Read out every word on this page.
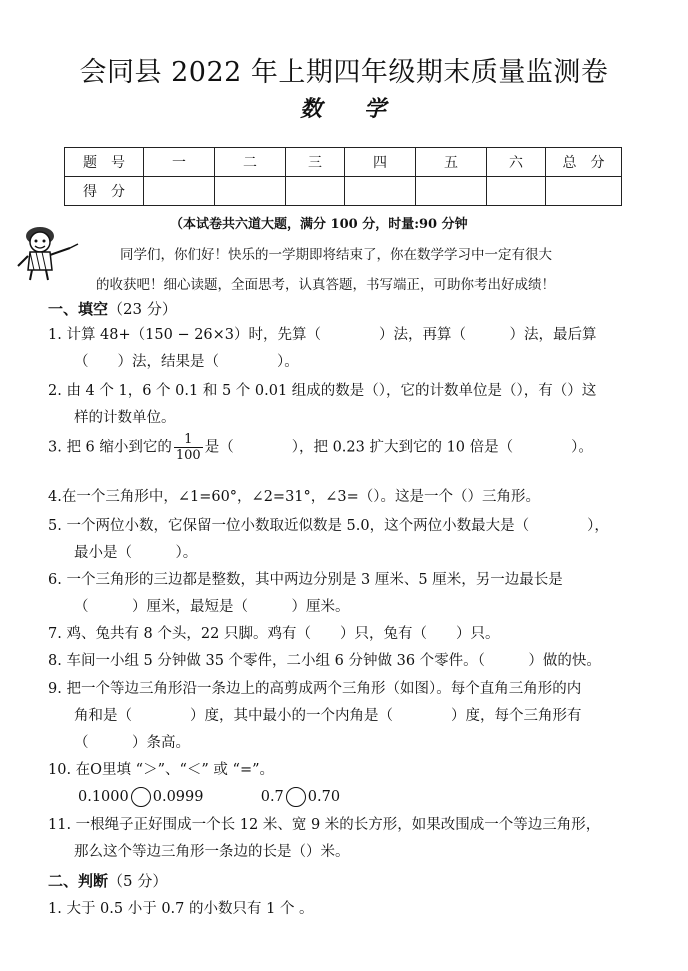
会同县 2022 年上期四年级期末质量监测卷
数 学
题　号	一	二	三	四	五	六	总　分
得　分							
（本试卷共六道大题，满分 100 分，时量:90 分钟

同学们，你们好！快乐的一学期即将结束了，你在数学学习中一定有很大

的收获吧！细心读题，全面思考，认真答题，书写端正，可助你考出好成绩！

一、填空（23 分）

1. 计算 48+（150 − 26×3）时，先算（　　　　）法，再算（　　　）法，最后算

（　　）法，结果是（　　　　）。

2. 由 4 个 1，6 个 0.1 和 5 个 0.01 组成的数是（），它的计数单位是（），有（）这

样的计数单位。

3. 把 6 缩小到它的 $\frac{1}{100}$ 是（　　　　），把 0.23 扩大到它的 10 倍是（　　　　）。

4.在一个三角形中，∠1=60°，∠2=31°，∠3=（）。这是一个（）三角形。

5. 一个两位小数，它保留一位小数取近似数是 5.0，这个两位小数最大是（　　　　），

最小是（　　　）。

6. 一个三角形的三边都是整数，其中两边分别是 3 厘米、5 厘米，另一边最长是

（　　　）厘米，最短是（　　　）厘米。

7. 鸡、兔共有 8 个头，22 只脚。鸡有（　　）只，兔有（　　）只。

8. 车间一小组 5 分钟做 35 个零件，二小组 6 分钟做 36 个零件。（　　　）做的快。

9. 把一个等边三角形沿一条边上的高剪成两个三角形（如图）。每个直角三角形的内

角和是（　　　　）度，其中最小的一个内角是（　　　　）度，每个三角形有

（　　　）条高。

10. 在O里填 “＞”、“＜” 或 “=”。

0.1000 0.0999	0.7 0.70

11. 一根绳子正好围成一个长 12 米、宽 9 米的长方形，如果改围成一个等边三角形，

那么这个等边三角形一条边的长是（）米。

二、判断（5 分）

1. 大于 0.5 小于 0.7 的小数只有 1 个 。
